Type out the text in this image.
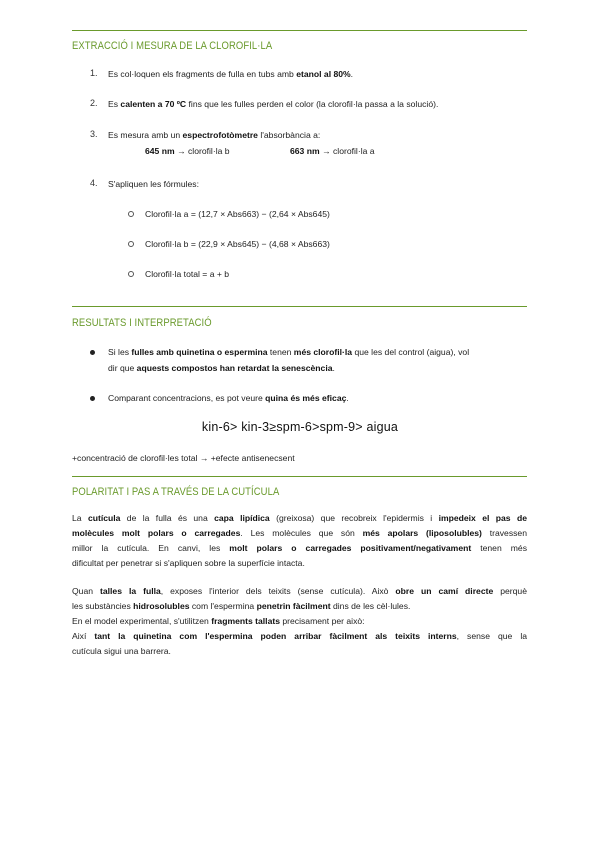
EXTRACCIÓ I MESURA DE LA CLOROFIL·LA
1. Es col·loquen els fragments de fulla en tubs amb etanol al 80%.
2. Es calenten a 70 ºC fins que les fulles perden el color (la clorofil·la passa a la solució).
3. Es mesura amb un espectrofotòmetre l'absorbància a:
645 nm → clorofil·la b	663 nm → clorofil·la a
4. S'apliquen les fórmules:
Clorofil·la a = (12,7 × Abs663) − (2,64 × Abs645)
Clorofil·la b = (22,9 × Abs645) − (4,68 × Abs663)
Clorofil·la total = a + b
RESULTATS I INTERPRETACIÓ
Si les fulles amb quinetina o espermina tenen més clorofil·la que les del control (aigua), vol
dir que aquests compostos han retardat la senescència.
Comparant concentracions, es pot veure quina és més eficaç.
kin-6> kin-3≥spm-6>spm-9> aigua
+concentració de clorofil·les total → +efecte antisenecsent
POLARITAT I PAS A TRAVÉS DE LA CUTÍCULA
La cutícula de la fulla és una capa lipídica (greixosa) que recobreix l'epidermis i impedeix el pas de
molècules molt polars o carregades. Les molècules que són més apolars (liposolubles) travessen
millor la cutícula. En canvi, les molt polars o carregades positivament/negativament tenen més
dificultat per penetrar si s'apliquen sobre la superfície intacta.
Quan talles la fulla, exposes l'interior dels teixits (sense cutícula). Això obre un camí directe perquè
les substàncies hidrosolubles com l'espermina penetrin fàcilment dins de les cèl·lules.
En el model experimental, s'utilitzen fragments tallats precisament per això:
Així tant la quinetina com l'espermina poden arribar fàcilment als teixits interns, sense que la
cutícula sigui una barrera.
